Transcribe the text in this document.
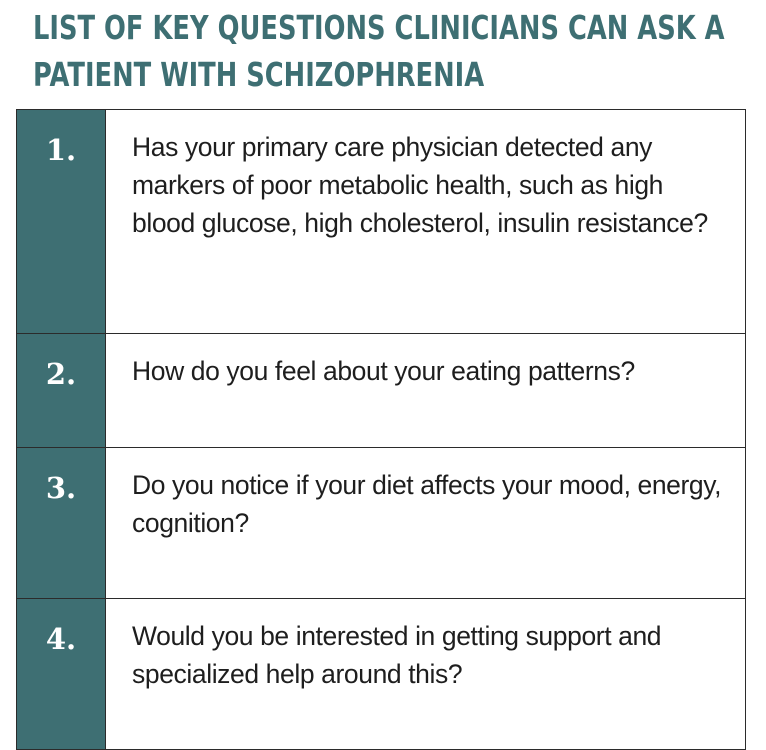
LIST OF KEY QUESTIONS CLINICIANS CAN ASK A
PATIENT WITH SCHIZOPHRENIA
1.	Has your primary care physician detected any markers of poor metabolic health, such as high blood glucose, high cholesterol, insulin resistance?

2.	How do you feel about your eating patterns?

3.	Do you notice if your diet affects your mood, energy, cognition?

4.	Would you be interested in getting support and specialized help around this?
